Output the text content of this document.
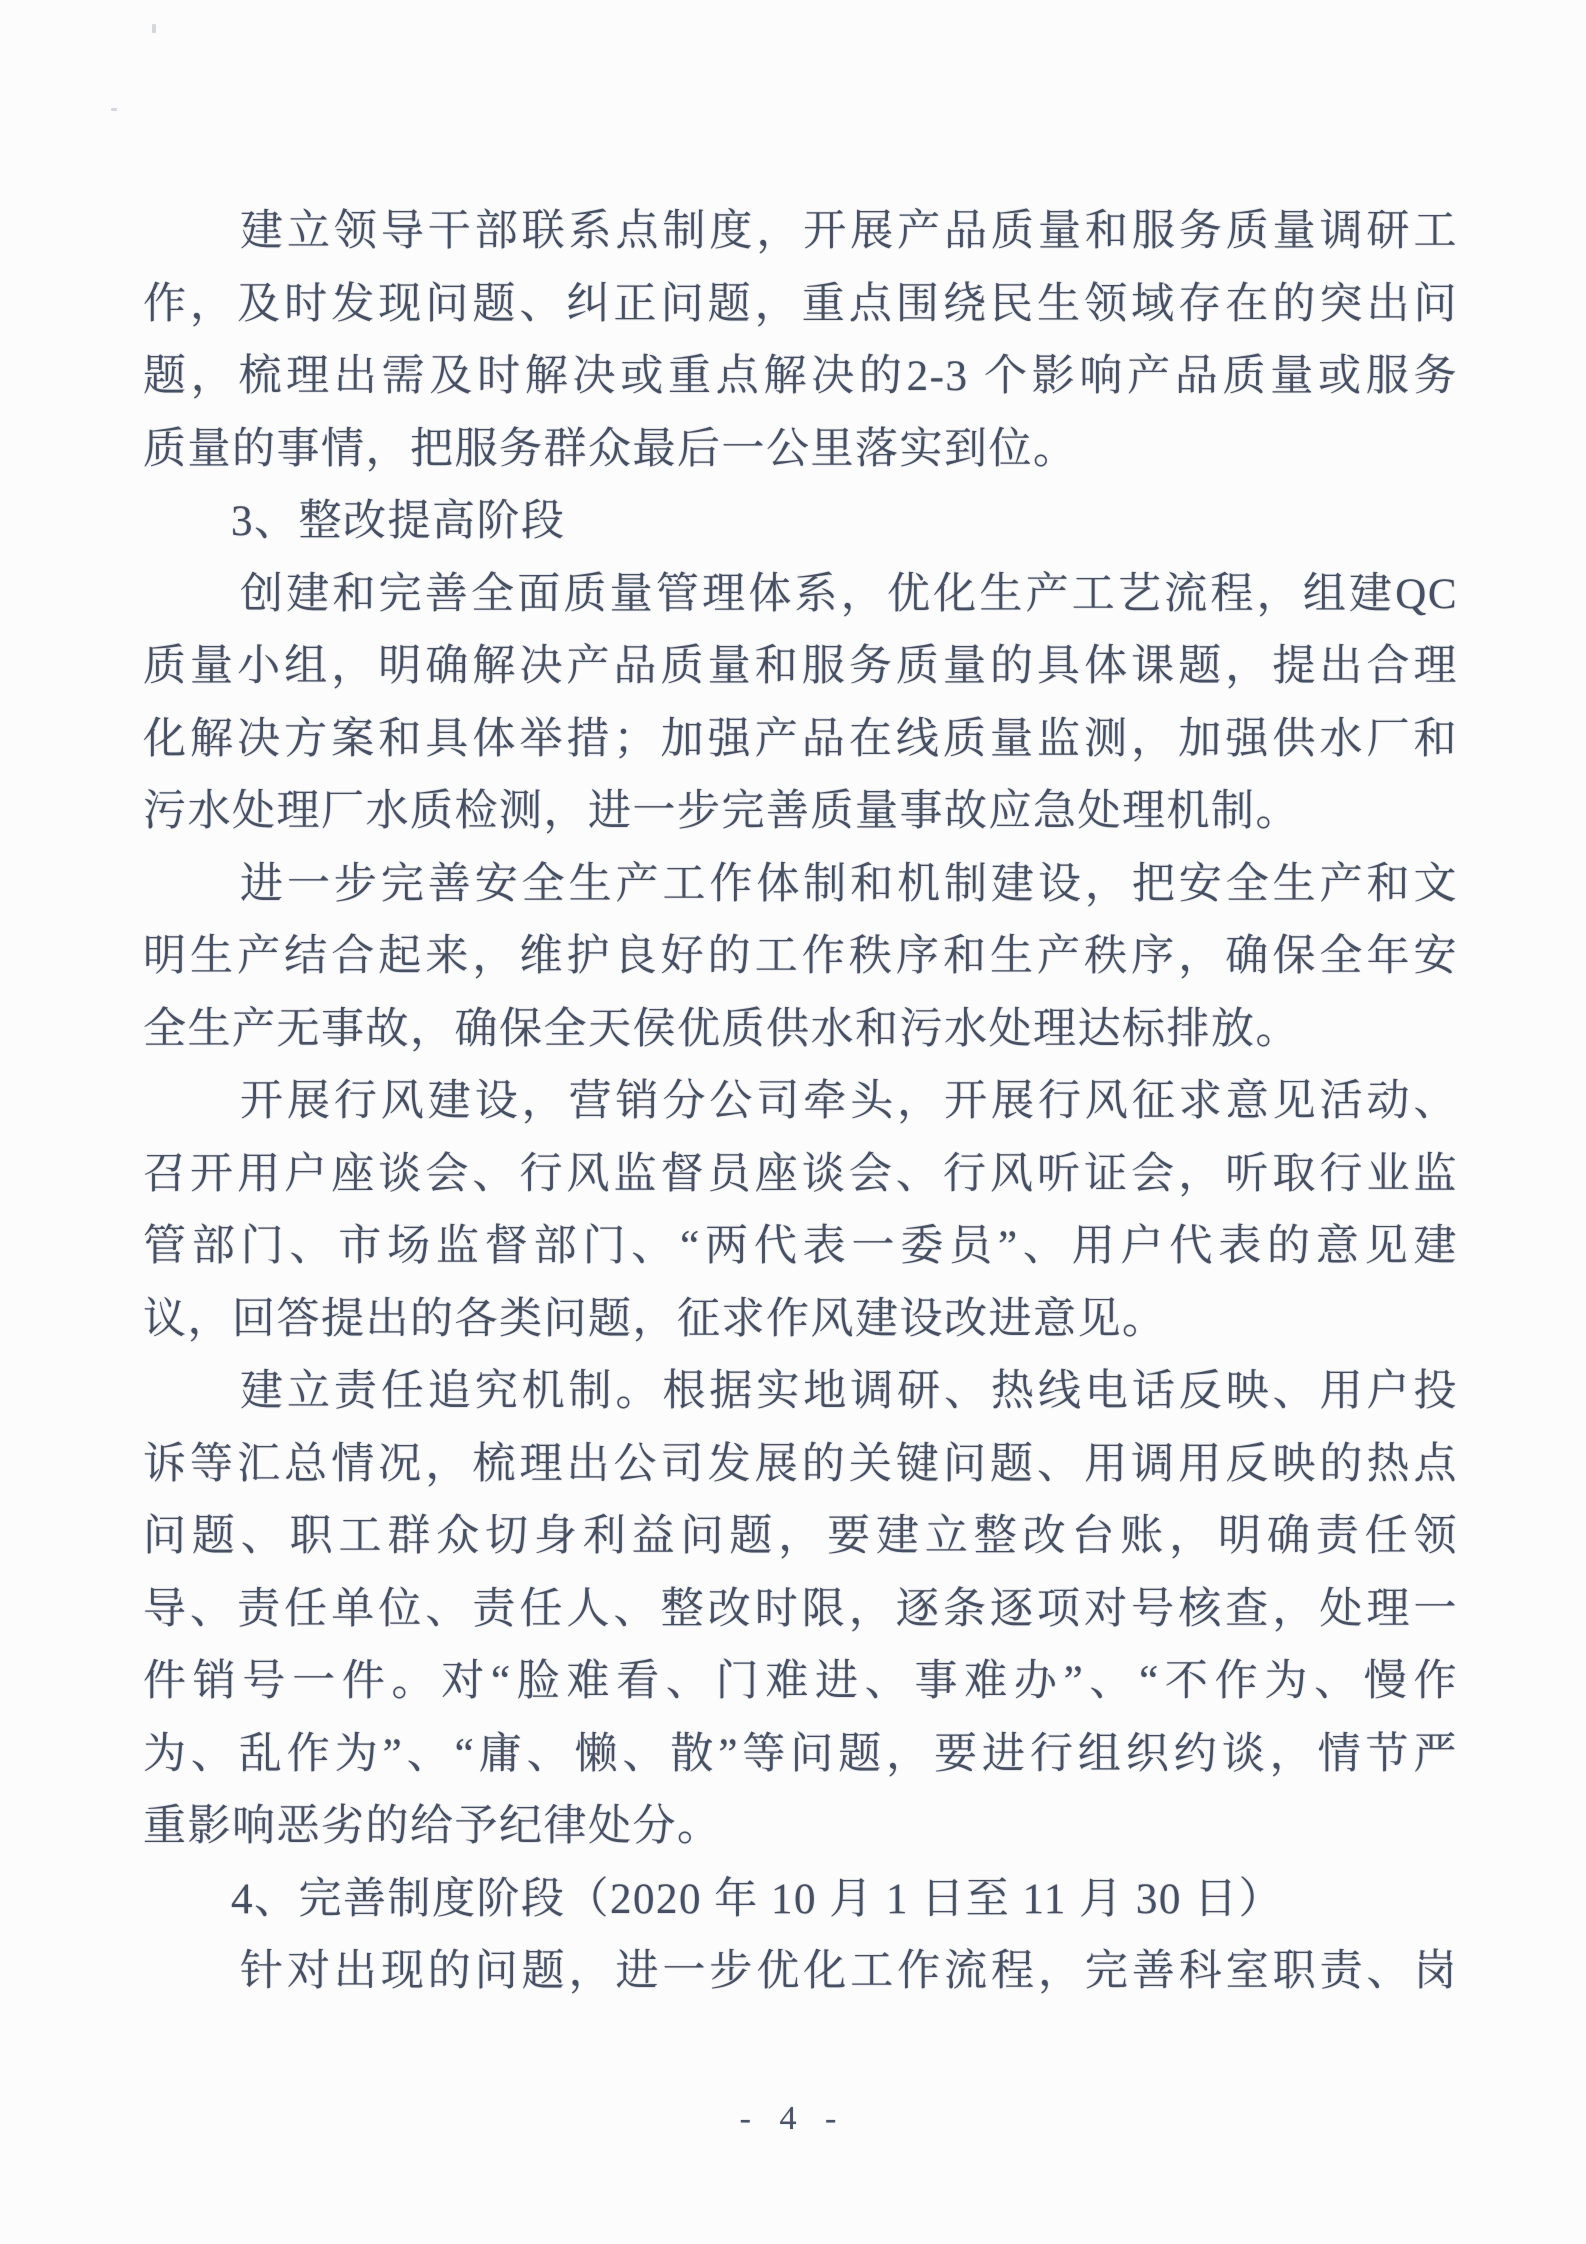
建立领导干部联系点制度，开展产品质量和服务质量调研工
作，及时发现问题、纠正问题，重点围绕民生领域存在的突出问
题，梳理出需及时解决或重点解决的2-3 个影响产品质量或服务
质量的事情，把服务群众最后一公里落实到位。
3、整改提高阶段
创建和完善全面质量管理体系，优化生产工艺流程，组建QC
质量小组，明确解决产品质量和服务质量的具体课题，提出合理
化解决方案和具体举措；加强产品在线质量监测，加强供水厂和
污水处理厂水质检测，进一步完善质量事故应急处理机制。
进一步完善安全生产工作体制和机制建设，把安全生产和文
明生产结合起来，维护良好的工作秩序和生产秩序，确保全年安
全生产无事故，确保全天侯优质供水和污水处理达标排放。
开展行风建设，营销分公司牵头，开展行风征求意见活动、
召开用户座谈会、行风监督员座谈会、行风听证会，听取行业监
管部门、市场监督部门、“两代表一委员”、用户代表的意见建
议，回答提出的各类问题，征求作风建设改进意见。
建立责任追究机制。根据实地调研、热线电话反映、用户投
诉等汇总情况，梳理出公司发展的关键问题、用调用反映的热点
问题、职工群众切身利益问题，要建立整改台账，明确责任领
导、责任单位、责任人、整改时限，逐条逐项对号核查，处理一
件销号一件。对“脸难看、门难进、事难办”、“不作为、慢作
为、乱作为”、“庸、懒、散”等问题，要进行组织约谈，情节严
重影响恶劣的给予纪律处分。
4、完善制度阶段（2020 年 10 月 1 日至 11 月 30 日）
针对出现的问题，进一步优化工作流程，完善科室职责、岗
- 4 -
